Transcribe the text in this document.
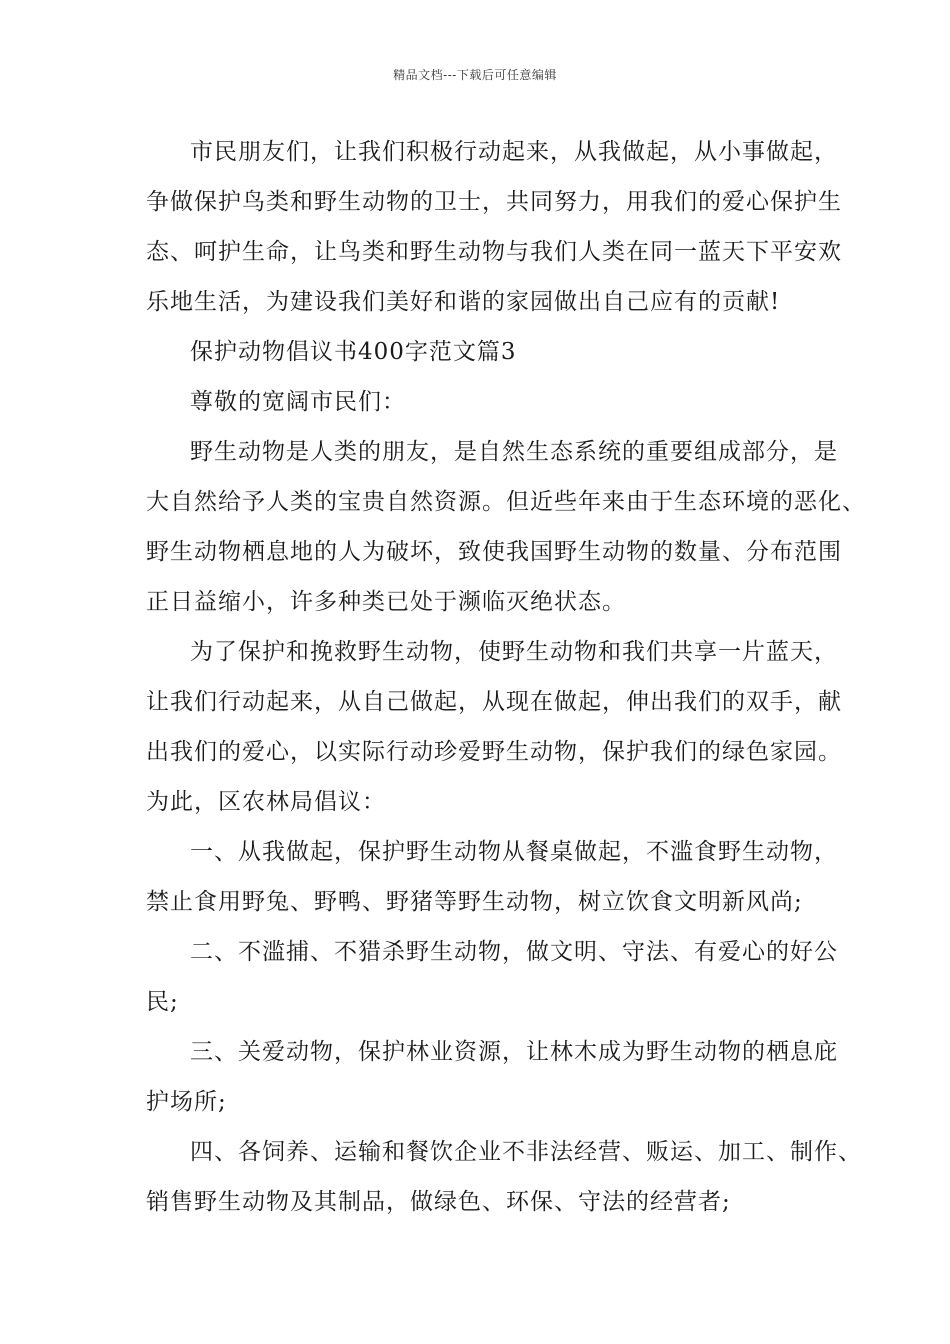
精品文档---下载后可任意编辑
市民朋友们，让我们积极行动起来，从我做起，从小事做起，
争做保护鸟类和野生动物的卫士，共同努力，用我们的爱心保护生
态、呵护生命，让鸟类和野生动物与我们人类在同一蓝天下平安欢
乐地生活，为建设我们美好和谐的家园做出自己应有的贡献!
保护动物倡议书400字范文篇3
尊敬的宽阔市民们：
野生动物是人类的朋友，是自然生态系统的重要组成部分，是
大自然给予人类的宝贵自然资源。但近些年来由于生态环境的恶化、
野生动物栖息地的人为破坏，致使我国野生动物的数量、分布范围
正日益缩小，许多种类已处于濒临灭绝状态。
为了保护和挽救野生动物，使野生动物和我们共享一片蓝天，
让我们行动起来，从自己做起，从现在做起，伸出我们的双手，献
出我们的爱心，以实际行动珍爱野生动物，保护我们的绿色家园。
为此，区农林局倡议：
一、从我做起，保护野生动物从餐桌做起，不滥食野生动物，
禁止食用野兔、野鸭、野猪等野生动物，树立饮食文明新风尚;
二、不滥捕、不猎杀野生动物，做文明、守法、有爱心的好公
民;
三、关爱动物，保护林业资源，让林木成为野生动物的栖息庇
护场所;
四、各饲养、运输和餐饮企业不非法经营、贩运、加工、制作、
销售野生动物及其制品，做绿色、环保、守法的经营者;
